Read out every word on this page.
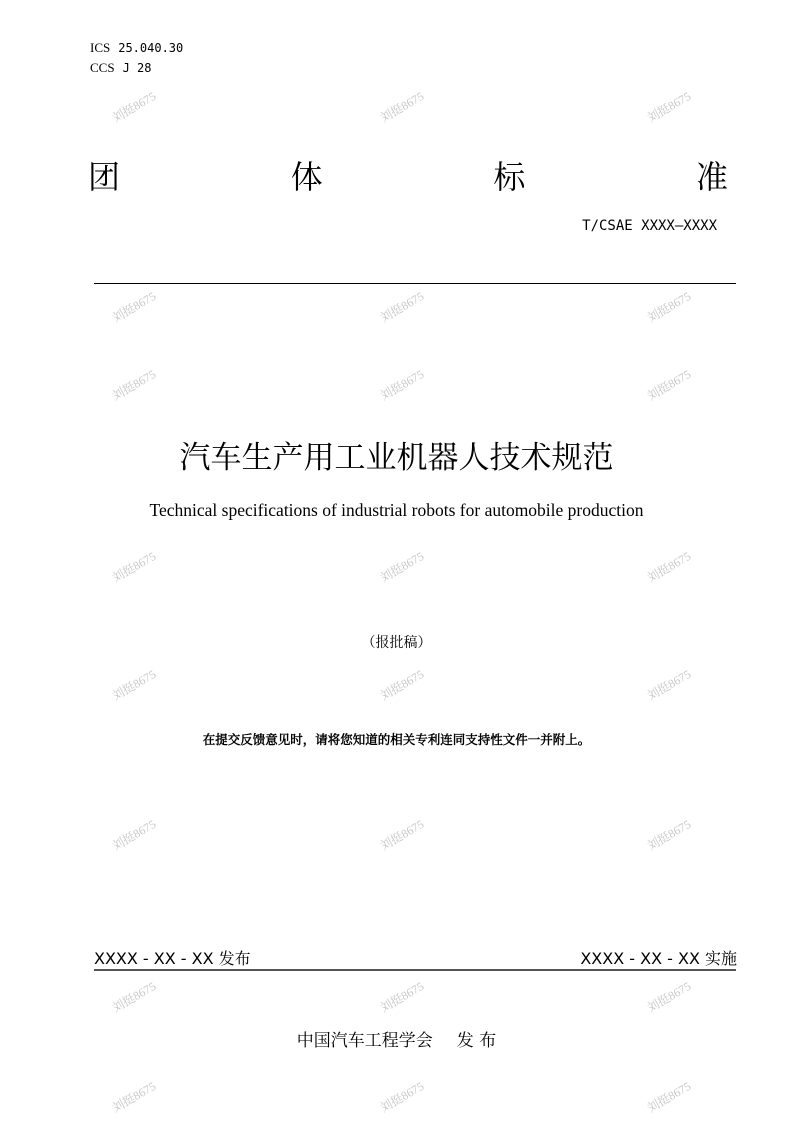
ICS 25.040.30
CCS J 28
团	体	标	准
T/CSAE XXXX—XXXX
汽车生产用工业机器人技术规范
Technical specifications of industrial robots for automobile production
（报批稿）
在提交反馈意见时，请将您知道的相关专利连同支持性文件一并附上。
XXXX - XX - XX 发布	XXXX - XX - XX 实施
中国汽车工程学会 发 布
刘挺8675
刘挺8675
刘挺8675
刘挺8675
刘挺8675
刘挺8675
刘挺8675
刘挺8675
刘挺8675
刘挺8675
刘挺8675
刘挺8675
刘挺8675
刘挺8675
刘挺8675
刘挺8675
刘挺8675
刘挺8675
刘挺8675
刘挺8675
刘挺8675
刘挺8675
刘挺8675
刘挺8675
